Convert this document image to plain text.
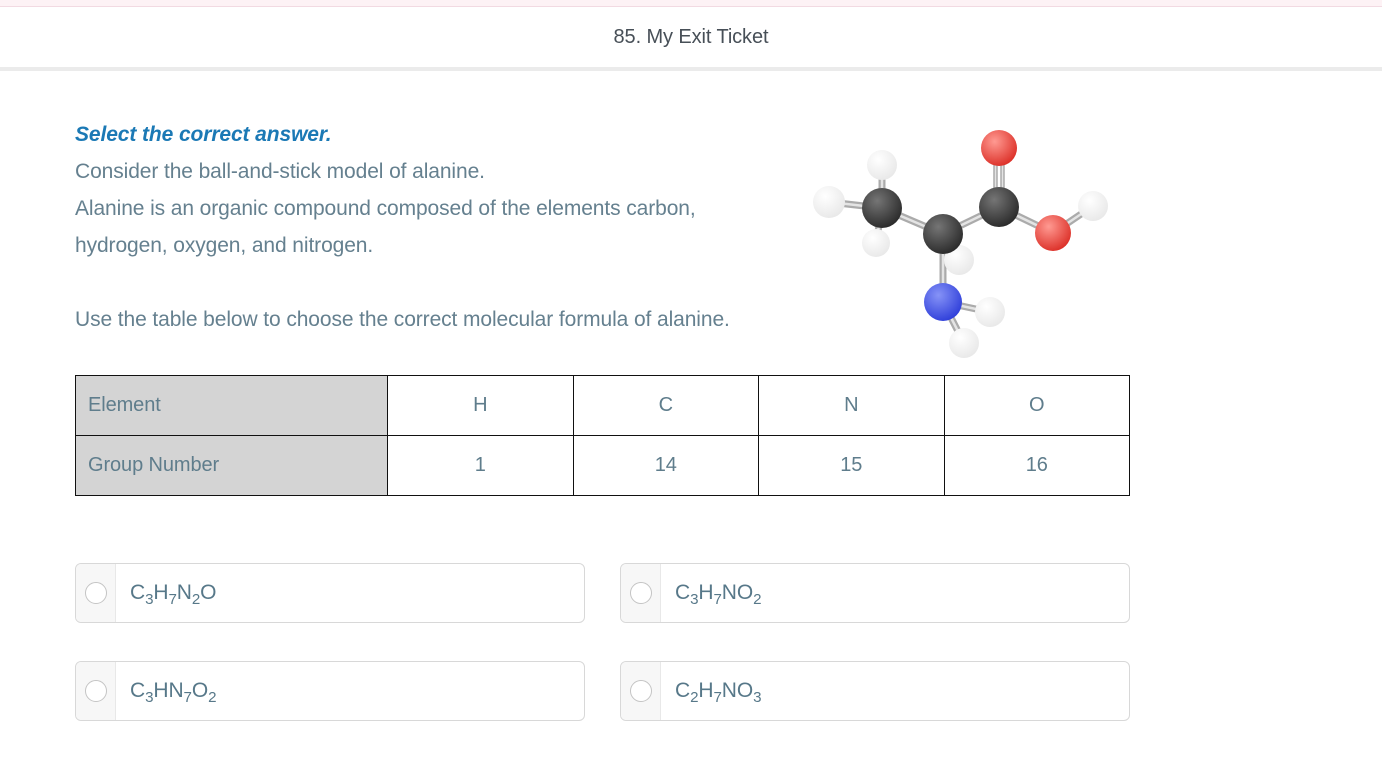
85. My Exit Ticket
Select the correct answer.

Consider the ball-and-stick model of alanine.

Alanine is an organic compound composed of the elements carbon, hydrogen, oxygen, and nitrogen.

Use the table below to choose the correct molecular formula of alanine.

Element	H	C	N	O
Group Number	1	14	15	16
C 3 H 7 N 2 O	C 3 H 7 N O 2
C 3 H N 7 O 2	C 2 H 7 N O 3
